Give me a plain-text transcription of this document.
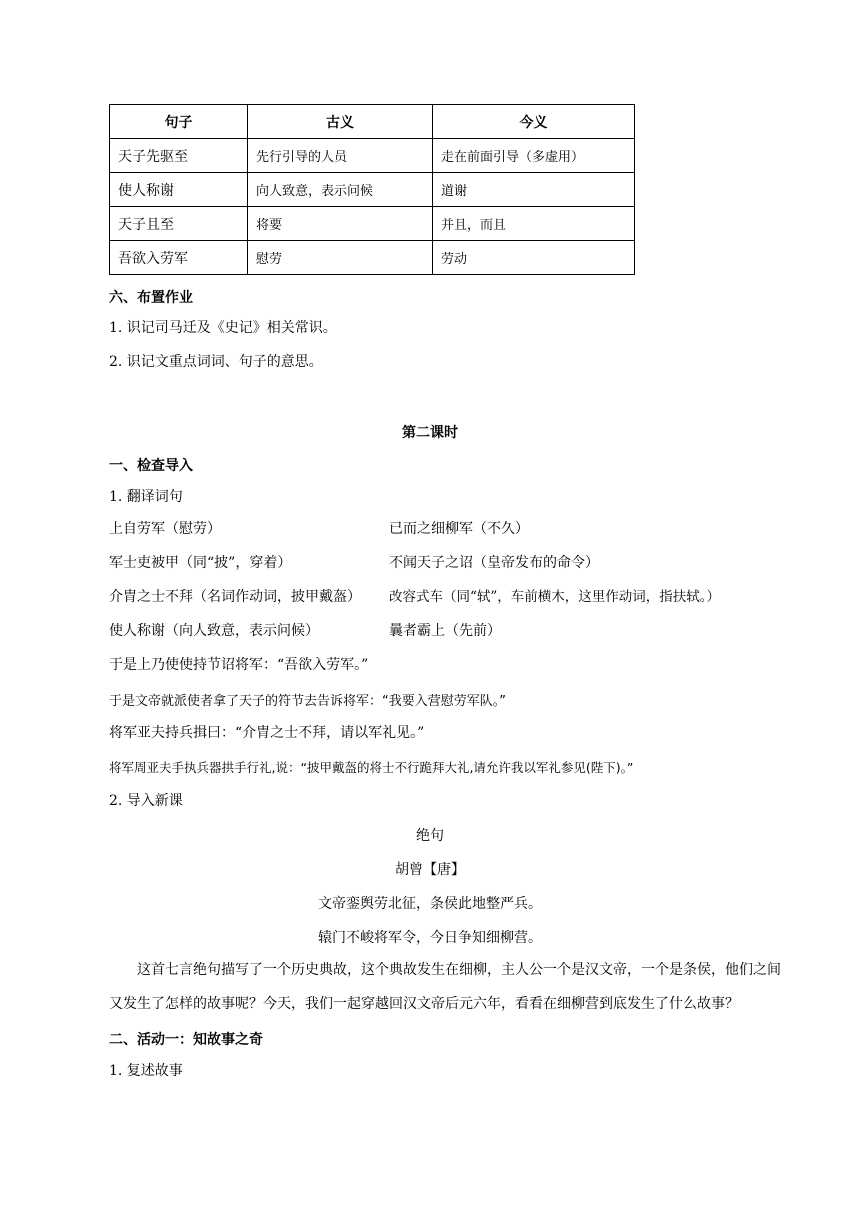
句子	古义	今义
天子先驱至	先行引导的人员	走在前面引导（多虚用）
使人称谢	向人致意，表示问候	道谢
天子且至	将要	并且，而且
吾欲入劳军	慰劳	劳动
六、布置作业
1. 识记司马迁及《史记》相关常识。
2. 识记文重点词词、句子的意思。
第二课时
一、检查导入
1. 翻译词句
上自劳军（慰劳）	已而之细柳军（不久）
军士吏被甲（同“披”，穿着）	不闻天子之诏（皇帝发布的命令）
介胄之士不拜（名词作动词，披甲戴盔） 改容式车（同“轼”，车前横木，这里作动词，指扶轼。）
使人称谢（向人致意，表示问候）	曩者霸上（先前）
于是上乃使使持节诏将军：“吾欲入劳军。”
于是文帝就派使者拿了天子的符节去告诉将军：“我要入营慰劳军队。”
将军亚夫持兵揖曰：“介胄之士不拜，请以军礼见。”
将军周亚夫手执兵器拱手行礼,说：“披甲戴盔的将士不行跪拜大礼,请允许我以军礼参见(陛下)。”
2. 导入新课
绝句
胡曾【唐】
文帝銮舆劳北征，条侯此地整严兵。
辕门不峻将军令，今日争知细柳营。
这首七言绝句描写了一个历史典故，这个典故发生在细柳，主人公一个是汉文帝，一个是条侯，他们之间又发生了怎样的故事呢？今天，我们一起穿越回汉文帝后元六年，看看在细柳营到底发生了什么故事？
二、活动一：知故事之奇
1. 复述故事
